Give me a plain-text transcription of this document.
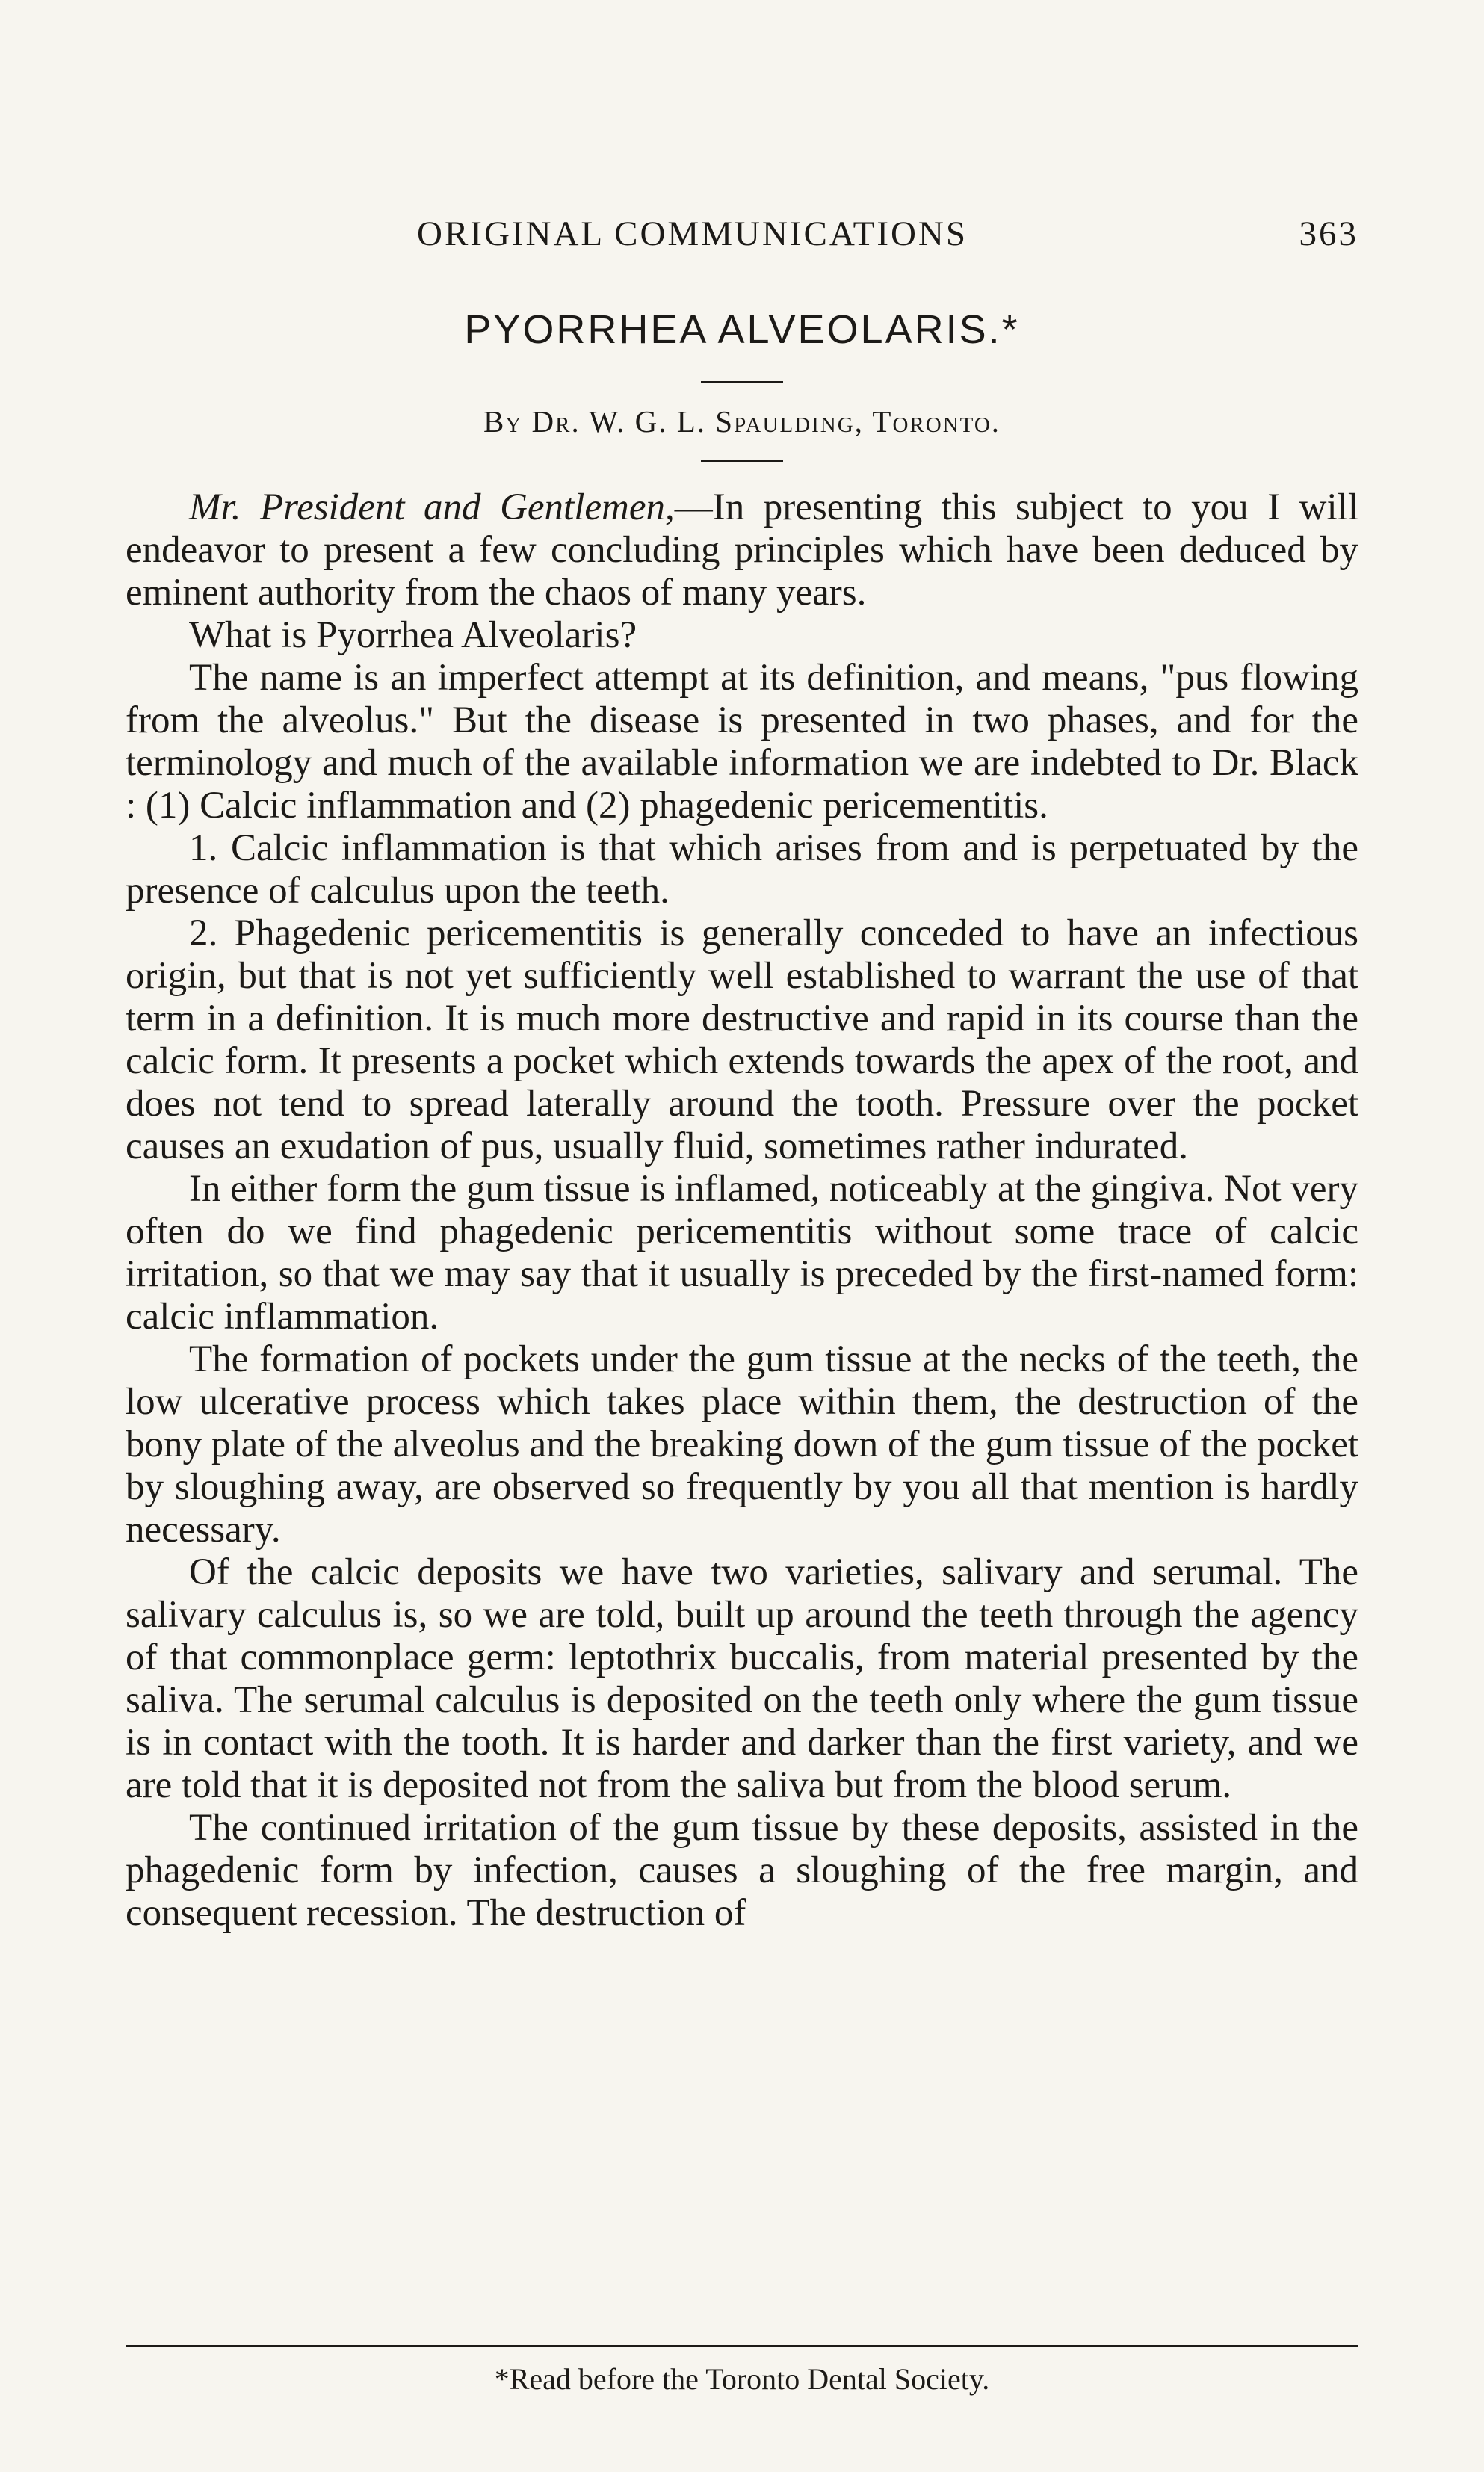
ORIGINAL COMMUNICATIONS	363
PYORRHEA ALVEOLARIS.*
By Dr. W. G. L. Spaulding, Toronto.

Mr. President and Gentlemen,—In presenting this subject to you I will endeavor to present a few concluding principles which have been deduced by eminent authority from the chaos of many years.

What is Pyorrhea Alveolaris?

The name is an imperfect attempt at its definition, and means, "pus flowing from the alveolus." But the disease is presented in two phases, and for the terminology and much of the available information we are indebted to Dr. Black : (1) Calcic inflammation and (2) phagedenic pericementitis.

1. Calcic inflammation is that which arises from and is perpetuated by the presence of calculus upon the teeth.

2. Phagedenic pericementitis is generally conceded to have an infectious origin, but that is not yet sufficiently well established to warrant the use of that term in a definition. It is much more destructive and rapid in its course than the calcic form. It presents a pocket which extends towards the apex of the root, and does not tend to spread laterally around the tooth. Pressure over the pocket causes an exudation of pus, usually fluid, sometimes rather indurated.

In either form the gum tissue is inflamed, noticeably at the gingiva. Not very often do we find phagedenic pericementitis without some trace of calcic irritation, so that we may say that it usually is preceded by the first-named form: calcic inflammation.

The formation of pockets under the gum tissue at the necks of the teeth, the low ulcerative process which takes place within them, the destruction of the bony plate of the alveolus and the breaking down of the gum tissue of the pocket by sloughing away, are observed so frequently by you all that mention is hardly necessary.

Of the calcic deposits we have two varieties, salivary and serumal. The salivary calculus is, so we are told, built up around the teeth through the agency of that commonplace germ: leptothrix buccalis, from material presented by the saliva. The serumal calculus is deposited on the teeth only where the gum tissue is in contact with the tooth. It is harder and darker than the first variety, and we are told that it is deposited not from the saliva but from the blood serum.

The continued irritation of the gum tissue by these deposits, assisted in the phagedenic form by infection, causes a sloughing of the free margin, and consequent recession. The destruction of

*Read before the Toronto Dental Society.
